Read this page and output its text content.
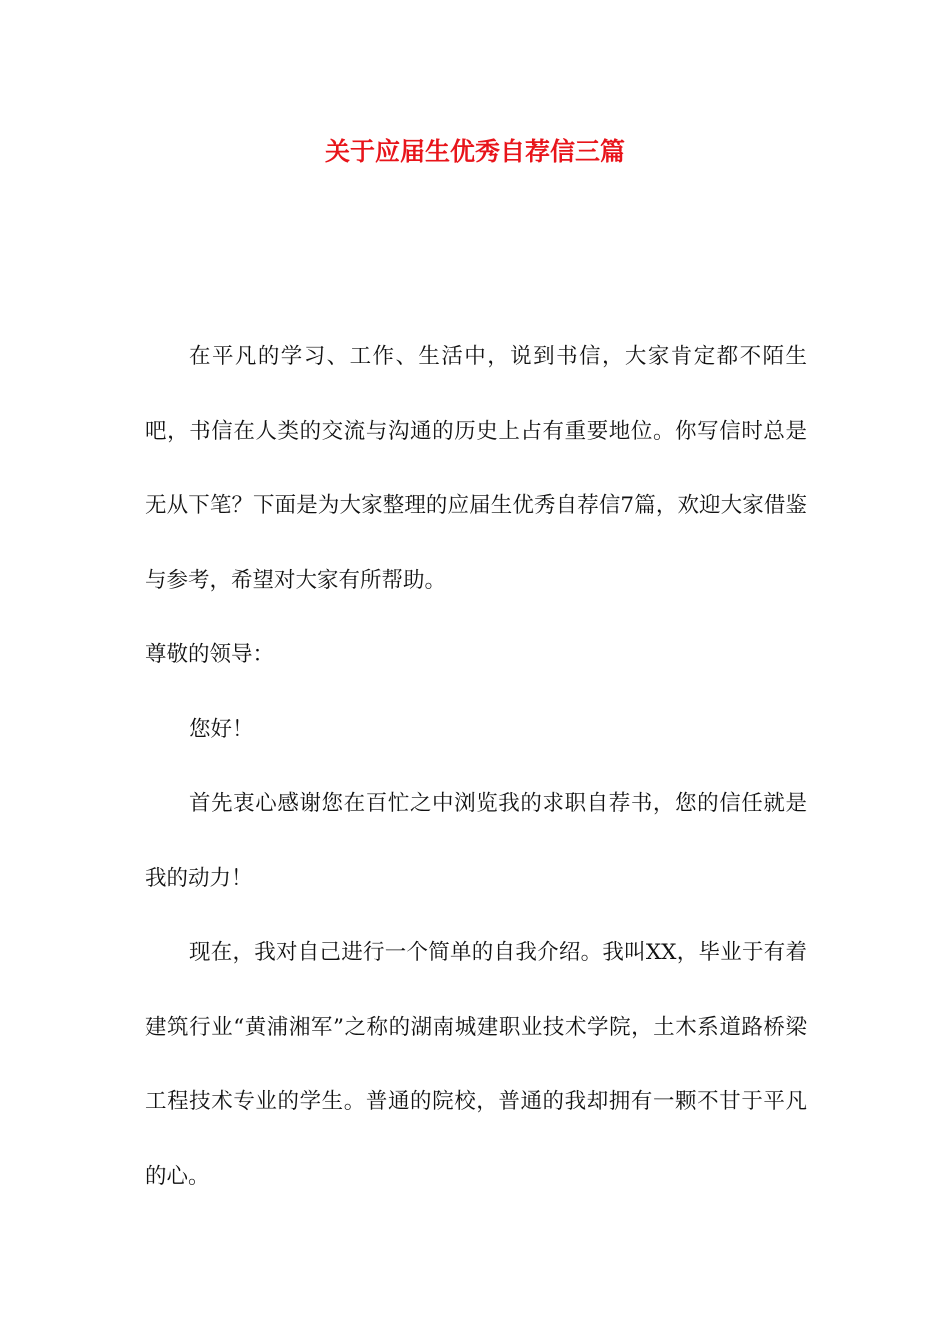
关于应届生优秀自荐信三篇

在平凡的学习、工作、生活中，说到书信，大家肯定都不陌生吧，书信在人类的交流与沟通的历史上占有重要地位。你写信时总是无从下笔？下面是为大家整理的应届生优秀自荐信7篇，欢迎大家借鉴与参考，希望对大家有所帮助。

尊敬的领导：

您好！

首先衷心感谢您在百忙之中浏览我的求职自荐书，您的信任就是我的动力！

现在，我对自己进行一个简单的自我介绍。我叫XX，毕业于有着建筑行业“黄浦湘军”之称的湖南城建职业技术学院，土木系道路桥梁工程技术专业的学生。普通的院校，普通的我却拥有一颗不甘于平凡的心。
